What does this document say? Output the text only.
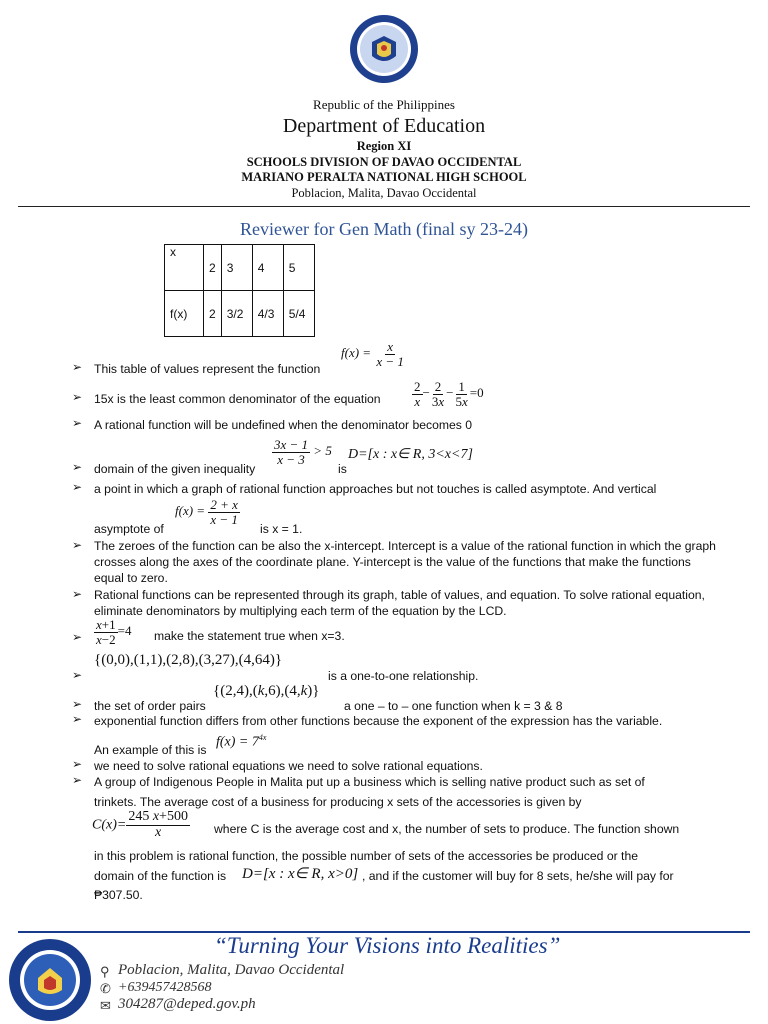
Republic of the Philippines
Department of Education
Region XI
SCHOOLS DIVISION OF DAVAO OCCIDENTAL
MARIANO PERALTA NATIONAL HIGH SCHOOL
Poblacion, Malita, Davao Occidental
Reviewer for Gen Math (final sy 23-24)
x	2	3	4	5
f(x)	2	3/2	4/3	5/4
➢ This table of values represent the function
$f(x) = \frac{x}{x - 1}$
➢ 15x is the least common denominator of the equation $\frac{2}{x} - \frac{2}{3x} - \frac{1}{5x} =0$
➢ A rational function will be undefined when the denominator becomes 0
➢ domain of the given inequality
$\frac{3x - 1}{x - 3} > 5$
is
D=[x : x∈ R, 3<x<7]
➢ a point in which a graph of rational function approaches but not touches is called asymptote. And vertical
asymptote of
$f(x) = \frac{2 + x}{x - 1}$
is x = 1.
➢ The zeroes of the function can be also the x-intercept. Intercept is a value of the rational function in which the graph crosses along the axes of the coordinate plane. Y-intercept is the value of the functions that make the functions equal to zero.
➢ Rational functions can be represented through its graph, table of values, and equation. To solve rational equation, eliminate denominators by multiplying each term of the equation by the LCD.
➢ $\frac{x+1}{x-2} =4$ make the statement true when x=3.
➢
{(0,0),(1,1),(2,8),(3,27),(4,64)}
is a one-to-one relationship.
➢ the set of order pairs
{(2,4),(k,6),(4,k)}
a one – to – one function when k = 3 & 8
➢ exponential function differs from other functions because the exponent of the expression has the variable.
An example of this is
$f(x) = 7^{4x}$
➢ we need to solve rational equations we need to solve rational equations.
➢ A group of Indigenous People in Malita put up a business which is selling native product such as set of
trinkets. The average cost of a business for producing x sets of the accessories is given by
$C(x)= \frac{245 x+500}{x}$ where C is the average cost and x, the number of sets to produce. The function shown
in this problem is rational function, the possible number of sets of the accessories be produced or the
domain of the function is D=[x : x∈ R, x>0] , and if the customer will buy for 8 sets, he/she will pay for
₱307.50.
“Turning Your Visions into Realities”
⚲ Poblacion, Malita, Davao Occidental
✆ +639457428568
✉ 304287@deped.gov.ph
